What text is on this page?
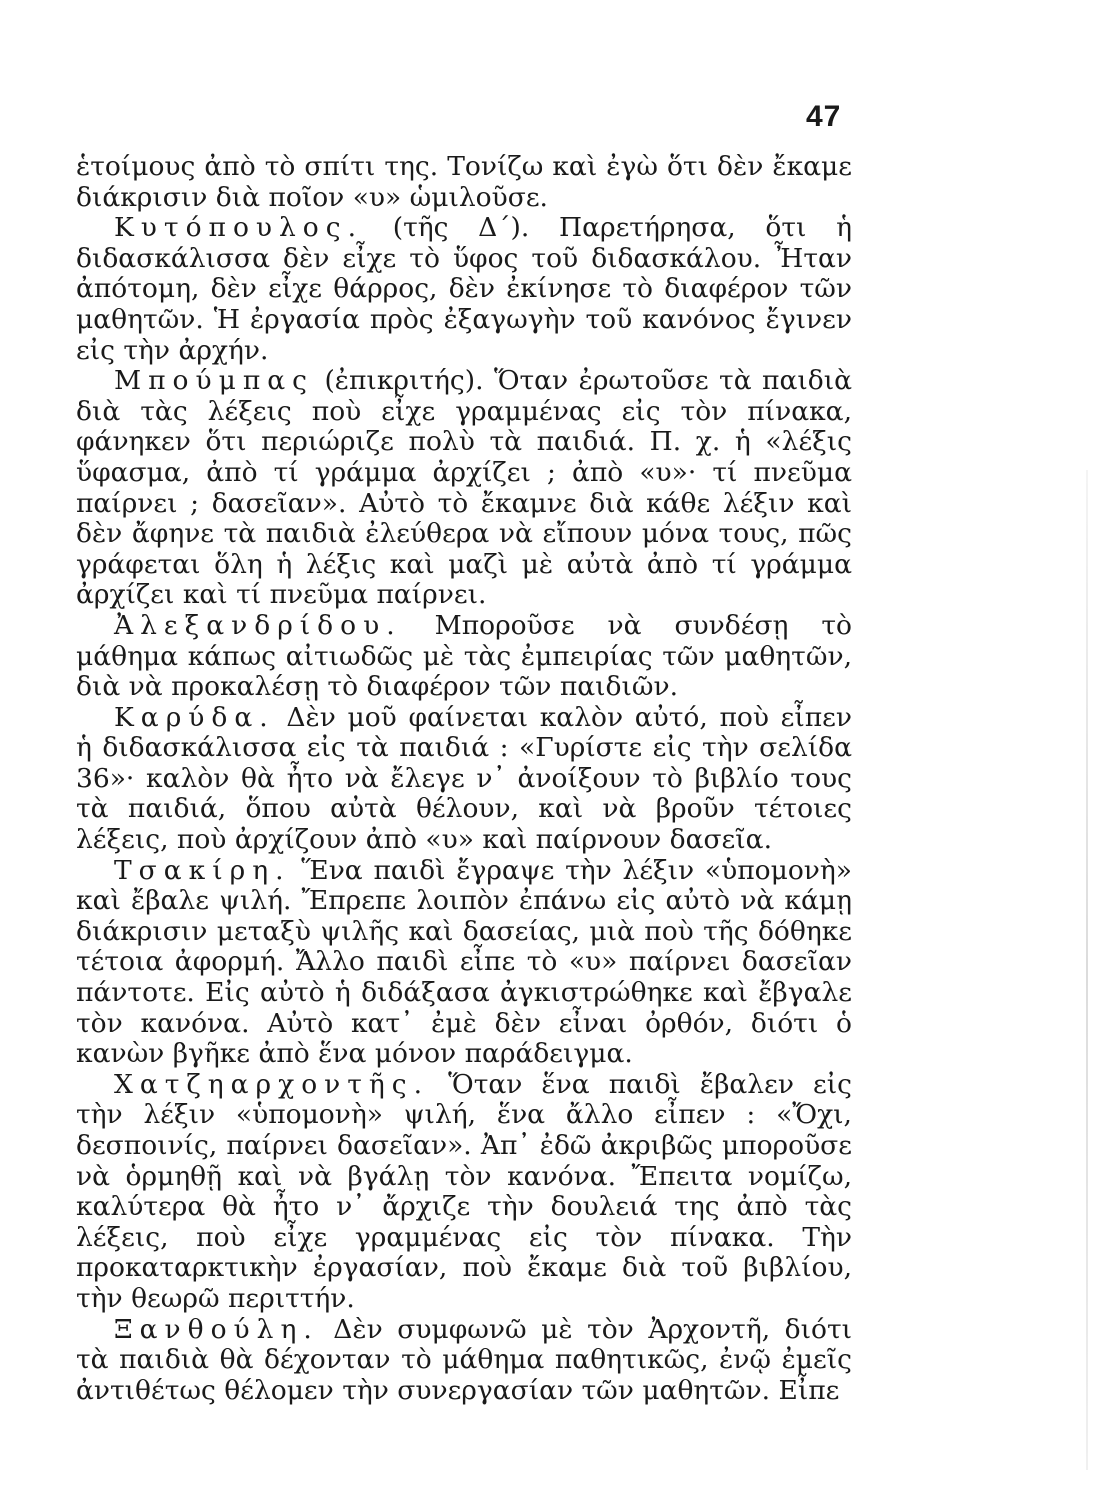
47

ἑτοίμους ἀπὸ τὸ σπίτι της. Τονίζω καὶ ἐγὼ ὅτι δὲν ἔκαμε διάκρισιν διὰ ποῖον «υ» ὡμιλοῦσε.

Κυτόπουλος. (τῆς Δ΄). Παρετήρησα, ὅτι ἡ διδασκάλισσα δὲν εἶχε τὸ ὕφος τοῦ διδασκάλου. Ἦταν ἀπότομη, δὲν εἶχε θάρρος, δὲν ἐκίνησε τὸ διαφέρον τῶν μαθητῶν. Ἡ ἐργασία πρὸς ἐξαγωγὴν τοῦ κανόνος ἔγινεν εἰς τὴν ἀρχήν.

Μπούμπας (ἐπικριτής). Ὅταν ἐρωτοῦσε τὰ παιδιὰ διὰ τὰς λέξεις ποὺ εἶχε γραμμένας εἰς τὸν πίνακα, φάνηκεν ὅτι περιώριζε πολὺ τὰ παιδιά. Π. χ. ἡ «λέξις ὕφασμα, ἀπὸ τί γράμμα ἀρχίζει ; ἀπὸ «υ»· τί πνεῦμα παίρνει ; δασεῖαν». Αὐτὸ τὸ ἔκαμνε διὰ κάθε λέξιν καὶ δὲν ἄφηνε τὰ παιδιὰ ἐλεύθερα νὰ εἴπουν μόνα τους, πῶς γράφεται ὅλη ἡ λέξις καὶ μαζὶ μὲ αὐτὰ ἀπὸ τί γράμμα ἀρχίζει καὶ τί πνεῦμα παίρνει.

Ἀλεξανδρίδου. Μποροῦσε νὰ συνδέσῃ τὸ μάθημα κάπως αἰτιωδῶς μὲ τὰς ἐμπειρίας τῶν μαθητῶν, διὰ νὰ προκαλέσῃ τὸ διαφέρον τῶν παιδιῶν.

Καρύδα. Δὲν μοῦ φαίνεται καλὸν αὐτό, ποὺ εἶπεν ἡ διδασκάλισσα εἰς τὰ παιδιά : «Γυρίστε εἰς τὴν σελίδα 36»· καλὸν θὰ ἦτο νὰ ἔλεγε ν᾽ ἀνοίξουν τὸ βιβλίο τους τὰ παιδιά, ὅπου αὐτὰ θέλουν, καὶ νὰ βροῦν τέτοιες λέξεις, ποὺ ἀρχίζουν ἀπὸ «υ» καὶ παίρνουν δασεῖα.

Τσακίρη. Ἕνα παιδὶ ἔγραψε τὴν λέξιν «ὑπομονὴ» καὶ ἔβαλε ψιλή. Ἔπρεπε λοιπὸν ἐπάνω εἰς αὐτὸ νὰ κάμῃ διάκρισιν μεταξὺ ψιλῆς καὶ δασείας, μιὰ ποὺ τῆς δόθηκε τέτοια ἀφορμή. Ἄλλο παιδὶ εἶπε τὸ «υ» παίρνει δασεῖαν πάντοτε. Εἰς αὐτὸ ἡ διδάξασα ἀγκιστρώθηκε καὶ ἔβγαλε τὸν κανόνα. Αὐτὸ κατ᾽ ἐμὲ δὲν εἶναι ὀρθόν, διότι ὁ κανὼν βγῆκε ἀπὸ ἕνα μόνον παράδειγμα.

Χατζηαρχοντῆς. Ὅταν ἕνα παιδὶ ἔβαλεν εἰς τὴν λέξιν «ὑπομονὴ» ψιλή, ἕνα ἄλλο εἶπεν : «Ὄχι, δεσποινίς, παίρνει δασεῖαν». Ἀπ᾽ ἐδῶ ἀκριβῶς μποροῦσε νὰ ὁρμηθῇ καὶ νὰ βγάλῃ τὸν κανόνα. Ἔπειτα νομίζω, καλύτερα θὰ ἦτο ν᾽ ἄρχιζε τὴν δουλειά της ἀπὸ τὰς λέξεις, ποὺ εἶχε γραμμένας εἰς τὸν πίνακα. Τὴν προκαταρκτικὴν ἐργασίαν, ποὺ ἔκαμε διὰ τοῦ βιβλίου, τὴν θεωρῶ περιττήν.

Ξανθούλη. Δὲν συμφωνῶ μὲ τὸν Ἀρχοντῆ, διότι τὰ παιδιὰ θὰ δέχονταν τὸ μάθημα παθητικῶς, ἐνῷ ἐμεῖς ἀντιθέτως θέλομεν τὴν συνεργασίαν τῶν μαθητῶν. Εἶπε
